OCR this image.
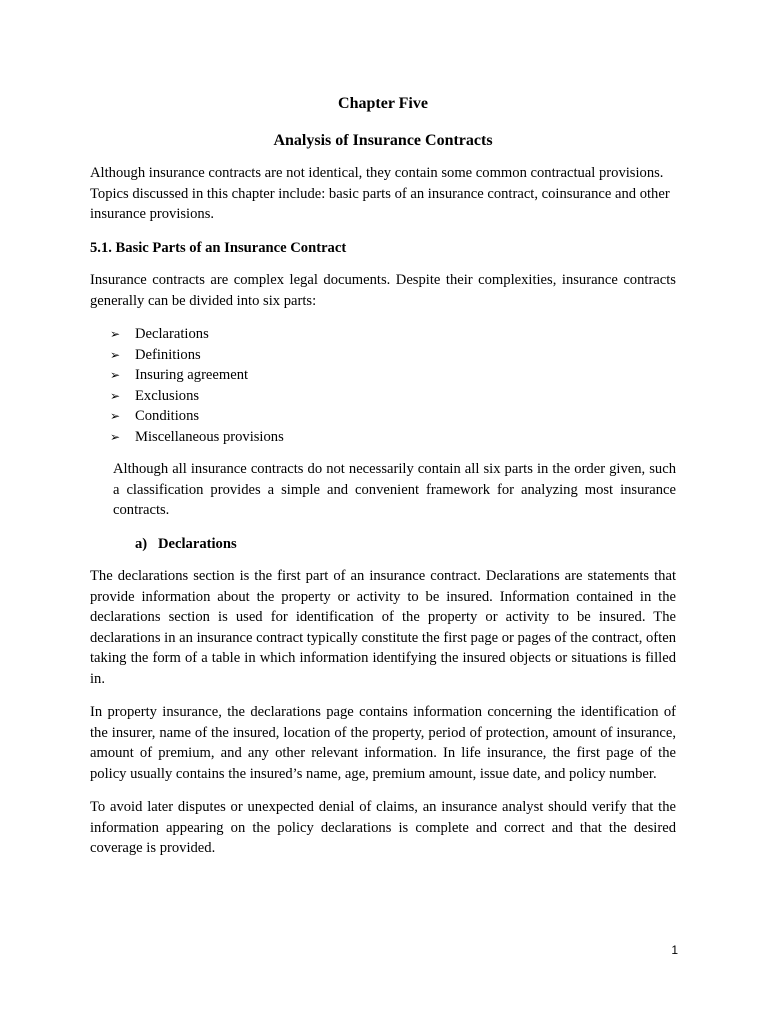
Chapter Five
Analysis of Insurance Contracts

Although insurance contracts are not identical, they contain some common contractual provisions. Topics discussed in this chapter include: basic parts of an insurance contract, coinsurance and other insurance provisions.

5.1. Basic Parts of an Insurance Contract

Insurance contracts are complex legal documents. Despite their complexities, insurance contracts generally can be divided into six parts:

➢ Declarations
➢ Definitions
➢ Insuring agreement
➢ Exclusions
➢ Conditions
➢ Miscellaneous provisions

Although all insurance contracts do not necessarily contain all six parts in the order given, such a classification provides a simple and convenient framework for analyzing most insurance contracts.

a) Declarations

The declarations section is the first part of an insurance contract. Declarations are statements that provide information about the property or activity to be insured. Information contained in the declarations section is used for identification of the property or activity to be insured. The declarations in an insurance contract typically constitute the first page or pages of the contract, often taking the form of a table in which information identifying the insured objects or situations is filled in.

In property insurance, the declarations page contains information concerning the identification of the insurer, name of the insured, location of the property, period of protection, amount of insurance, amount of premium, and any other relevant information. In life insurance, the first page of the policy usually contains the insured’s name, age, premium amount, issue date, and policy number.

To avoid later disputes or unexpected denial of claims, an insurance analyst should verify that the information appearing on the policy declarations is complete and correct and that the desired coverage is provided.

1
